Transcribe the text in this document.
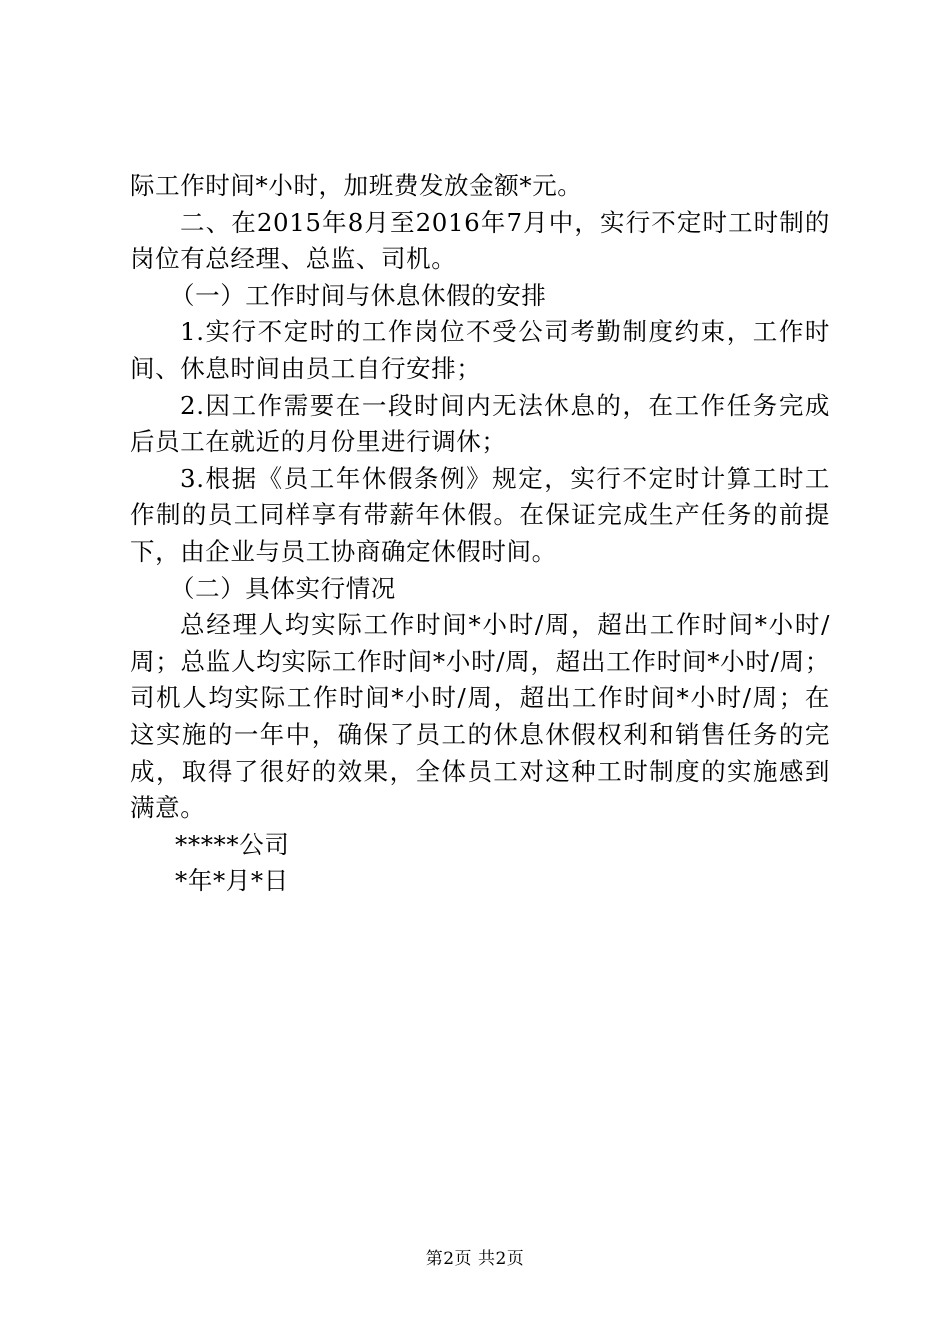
际工作时间*小时，加班费发放金额*元。
二、在2015年8月至2016年7月中，实行不定时工时制的
岗位有总经理、总监、司机。
（一）工作时间与休息休假的安排
1.实行不定时的工作岗位不受公司考勤制度约束，工作时
间、休息时间由员工自行安排；
2.因工作需要在一段时间内无法休息的，在工作任务完成
后员工在就近的月份里进行调休；
3.根据《员工年休假条例》规定，实行不定时计算工时工
作制的员工同样享有带薪年休假。在保证完成生产任务的前提
下，由企业与员工协商确定休假时间。
（二）具体实行情况
总经理人均实际工作时间*小时/周，超出工作时间*小时/
周；总监人均实际工作时间*小时/周，超出工作时间*小时/周；
司机人均实际工作时间*小时/周，超出工作时间*小时/周；在
这实施的一年中，确保了员工的休息休假权利和销售任务的完
成，取得了很好的效果，全体员工对这种工时制度的实施感到
满意。
*****公司
*年*月*日
第2页 共2页
